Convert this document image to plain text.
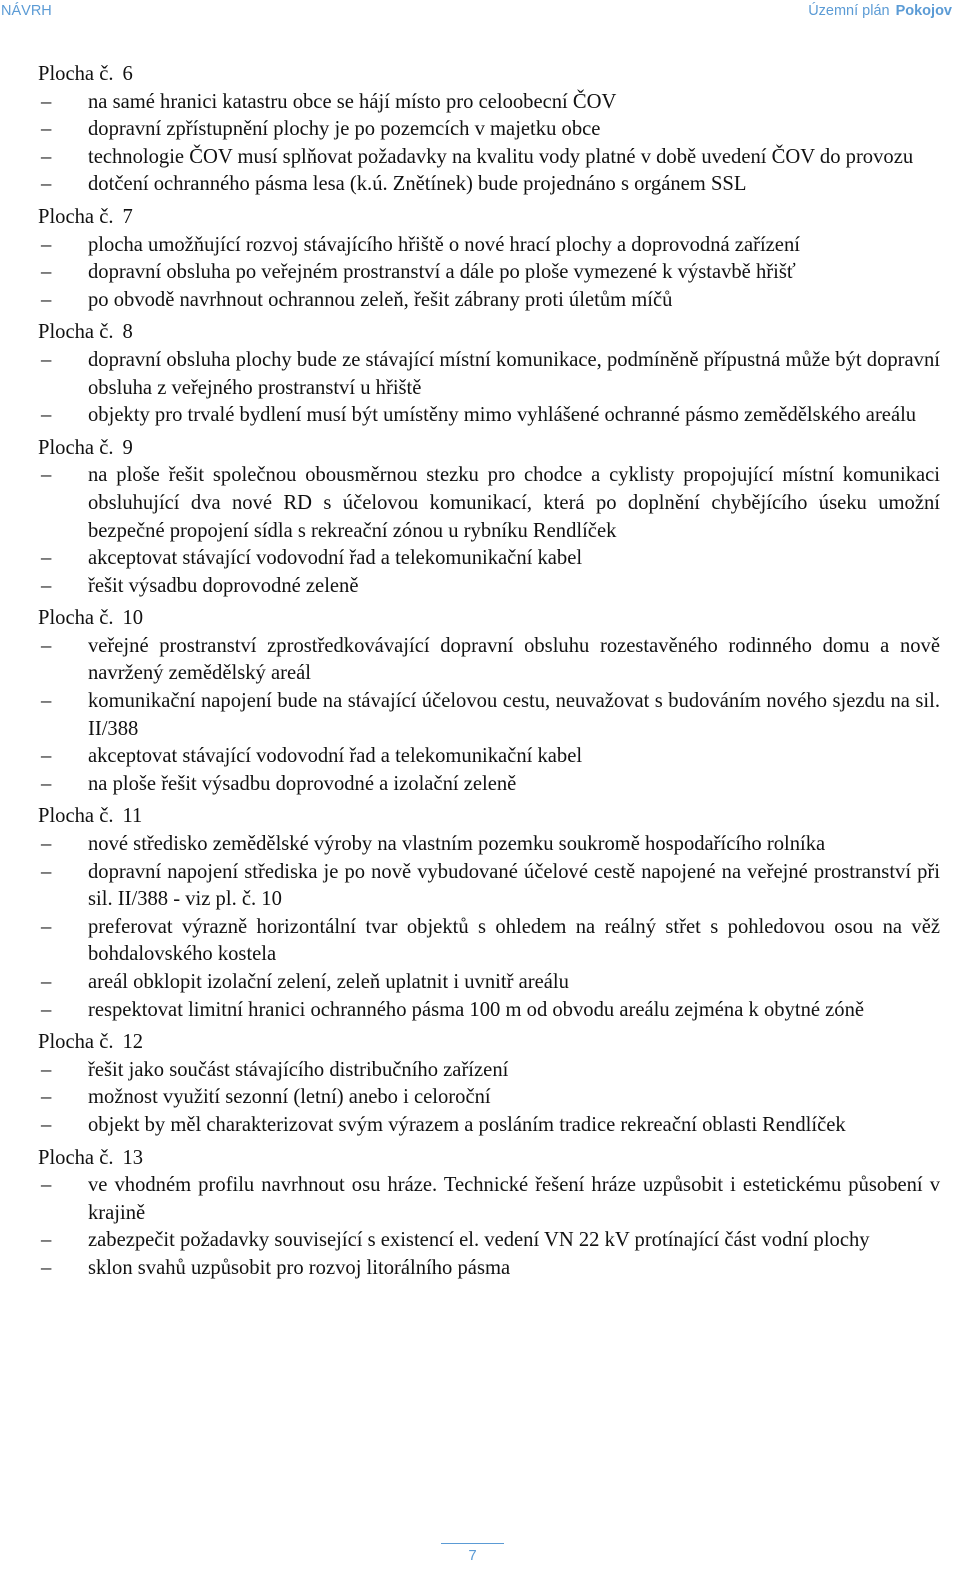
NÁVRH	Územní plán Pokojov
Plocha č. 6
– na samé hranici katastru obce se hájí místo pro celoobecní ČOV
– dopravní zpřístupnění plochy je po pozemcích v majetku obce
– technologie ČOV musí splňovat požadavky na kvalitu vody platné v době uvedení ČOV do provozu
– dotčení ochranného pásma lesa (k.ú. Znětínek) bude projednáno s orgánem SSL
Plocha č. 7
– plocha umožňující rozvoj stávajícího hřiště o nové hrací plochy a doprovodná zařízení
– dopravní obsluha po veřejném prostranství a dále po ploše vymezené k výstavbě hřišť
– po obvodě navrhnout ochrannou zeleň, řešit zábrany proti úletům míčů
Plocha č. 8
– dopravní obsluha plochy bude ze stávající místní komunikace, podmíněně přípustná může být dopravní obsluha z veřejného prostranství u hřiště
– objekty pro trvalé bydlení musí být umístěny mimo vyhlášené ochranné pásmo zemědělského areálu
Plocha č. 9
– na ploše řešit společnou obousměrnou stezku pro chodce a cyklisty propojující místní komunikaci obsluhující dva nové RD s účelovou komunikací, která po doplnění chybějícího úseku umožní bezpečné propojení sídla s rekreační zónou u rybníku Rendlíček
– akceptovat stávající vodovodní řad a telekomunikační kabel
– řešit výsadbu doprovodné zeleně
Plocha č. 10
– veřejné prostranství zprostředkovávající dopravní obsluhu rozestavěného rodinného domu a nově navržený zemědělský areál
– komunikační napojení bude na stávající účelovou cestu, neuvažovat s budováním nového sjezdu na sil. II/388
– akceptovat stávající vodovodní řad a telekomunikační kabel
– na ploše řešit výsadbu doprovodné a izolační zeleně
Plocha č. 11
– nové středisko zemědělské výroby na vlastním pozemku soukromě hospodařícího rolníka
– dopravní napojení střediska je po nově vybudované účelové cestě napojené na veřejné prostranství při sil. II/388 - viz pl. č. 10
– preferovat výrazně horizontální tvar objektů s ohledem na reálný střet s pohledovou osou na věž bohdalovského kostela
– areál obklopit izolační zelení, zeleň uplatnit i uvnitř areálu
– respektovat limitní hranici ochranného pásma 100 m od obvodu areálu zejména k obytné zóně
Plocha č. 12
– řešit jako součást stávajícího distribučního zařízení
– možnost využití sezonní (letní) anebo i celoroční
– objekt by měl charakterizovat svým výrazem a posláním tradice rekreační oblasti Rendlíček
Plocha č. 13
– ve vhodném profilu navrhnout osu hráze. Technické řešení hráze uzpůsobit i estetickému působení v krajině
– zabezpečit požadavky související s existencí el. vedení VN 22 kV protínající část vodní plochy
– sklon svahů uzpůsobit pro rozvoj litorálního pásma
7
